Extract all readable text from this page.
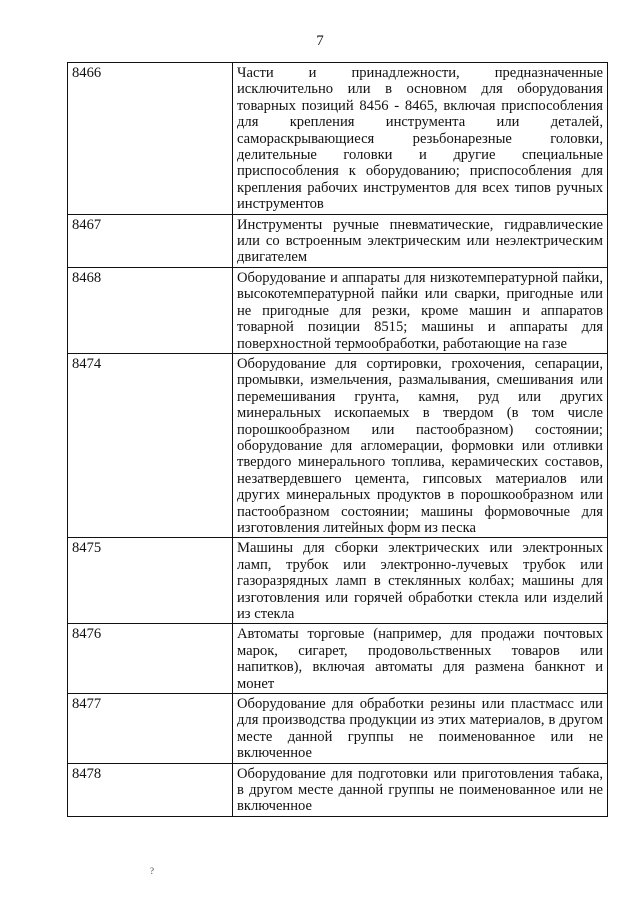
7
8466	Части и принадлежности, предназначенные исключительно или в основном для оборудования товарных позиций 8456 - 8465, включая приспособления для крепления инструмента или деталей, самораскрывающиеся резьбонарезные головки, делительные головки и другие специальные приспособления к оборудованию; приспособления для крепления рабочих инструментов для всех типов ручных инструментов
8467	Инструменты ручные пневматические, гидравлические или со встроенным электрическим или неэлектрическим двигателем
8468	Оборудование и аппараты для низкотемпературной пайки, высокотемпературной пайки или сварки, пригодные или не пригодные для резки, кроме машин и аппаратов товарной позиции 8515; машины и аппараты для поверхностной термообработки, работающие на газе
8474	Оборудование для сортировки, грохочения, сепарации, промывки, измельчения, размалывания, смешивания или перемешивания грунта, камня, руд или других минеральных ископаемых в твердом (в том числе порошкообразном или пастообразном) состоянии; оборудование для агломерации, формовки или отливки твердого минерального топлива, керамических составов, незатвердевшего цемента, гипсовых материалов или других минеральных продуктов в порошкообразном или пастообразном состоянии; машины формовочные для изготовления литейных форм из песка
8475	Машины для сборки электрических или электронных ламп, трубок или электронно-лучевых трубок или газоразрядных ламп в стеклянных колбах; машины для изготовления или горячей обработки стекла или изделий из стекла
8476	Автоматы торговые (например, для продажи почтовых марок, сигарет, продовольственных товаров или напитков), включая автоматы для размена банкнот и монет
8477	Оборудование для обработки резины или пластмасс или для производства продукции из этих материалов, в другом месте данной группы не поименованное или не включенное
8478	Оборудование для подготовки или приготовления табака, в другом месте данной группы не поименованное или не включенное
?
